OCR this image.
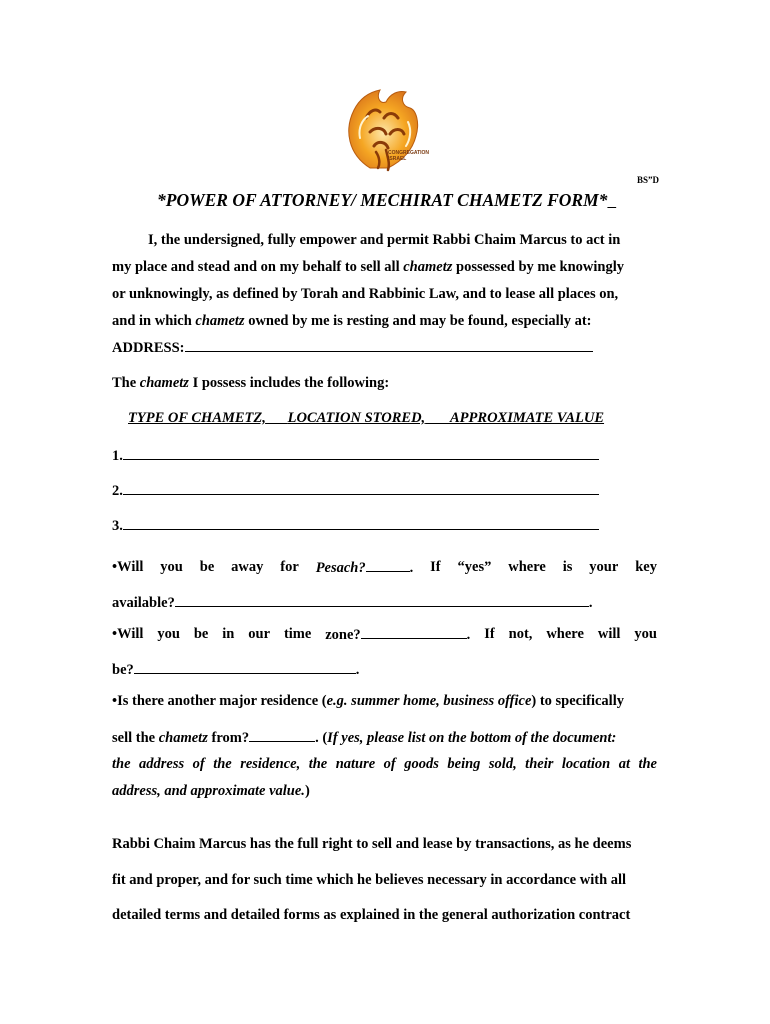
CONGREGATION ISRAEL
BS”D
*POWER OF ATTORNEY/ MECHIRAT CHAMETZ FORM*
I, the undersigned, fully empower and permit Rabbi Chaim Marcus to act in
my place and stead and on my behalf to sell all chametz possessed by me knowingly
or unknowingly, as defined by Torah and Rabbinic Law, and to lease all places on,
and in which chametz owned by me is resting and may be found, especially at:
ADDRESS:
The chametz I possess includes the following:
TYPE OF CHAMETZ, LOCATION STORED, APPROXIMATE VALUE
1.
2.
3.
•Will you be away for Pesach?	. If “yes” where is your key
available?	.
•Will you be in our time zone?	. If not, where will you
be?	.
•Is there another major residence (e.g. summer home, business office) to specifically
sell the chametz from?	. (If yes, please list on the bottom of the document:
the address of the residence, the nature of goods being sold, their location at the
address, and approximate value.)
Rabbi Chaim Marcus has the full right to sell and lease by transactions, as he deems
fit and proper, and for such time which he believes necessary in accordance with all
detailed terms and detailed forms as explained in the general authorization contract
